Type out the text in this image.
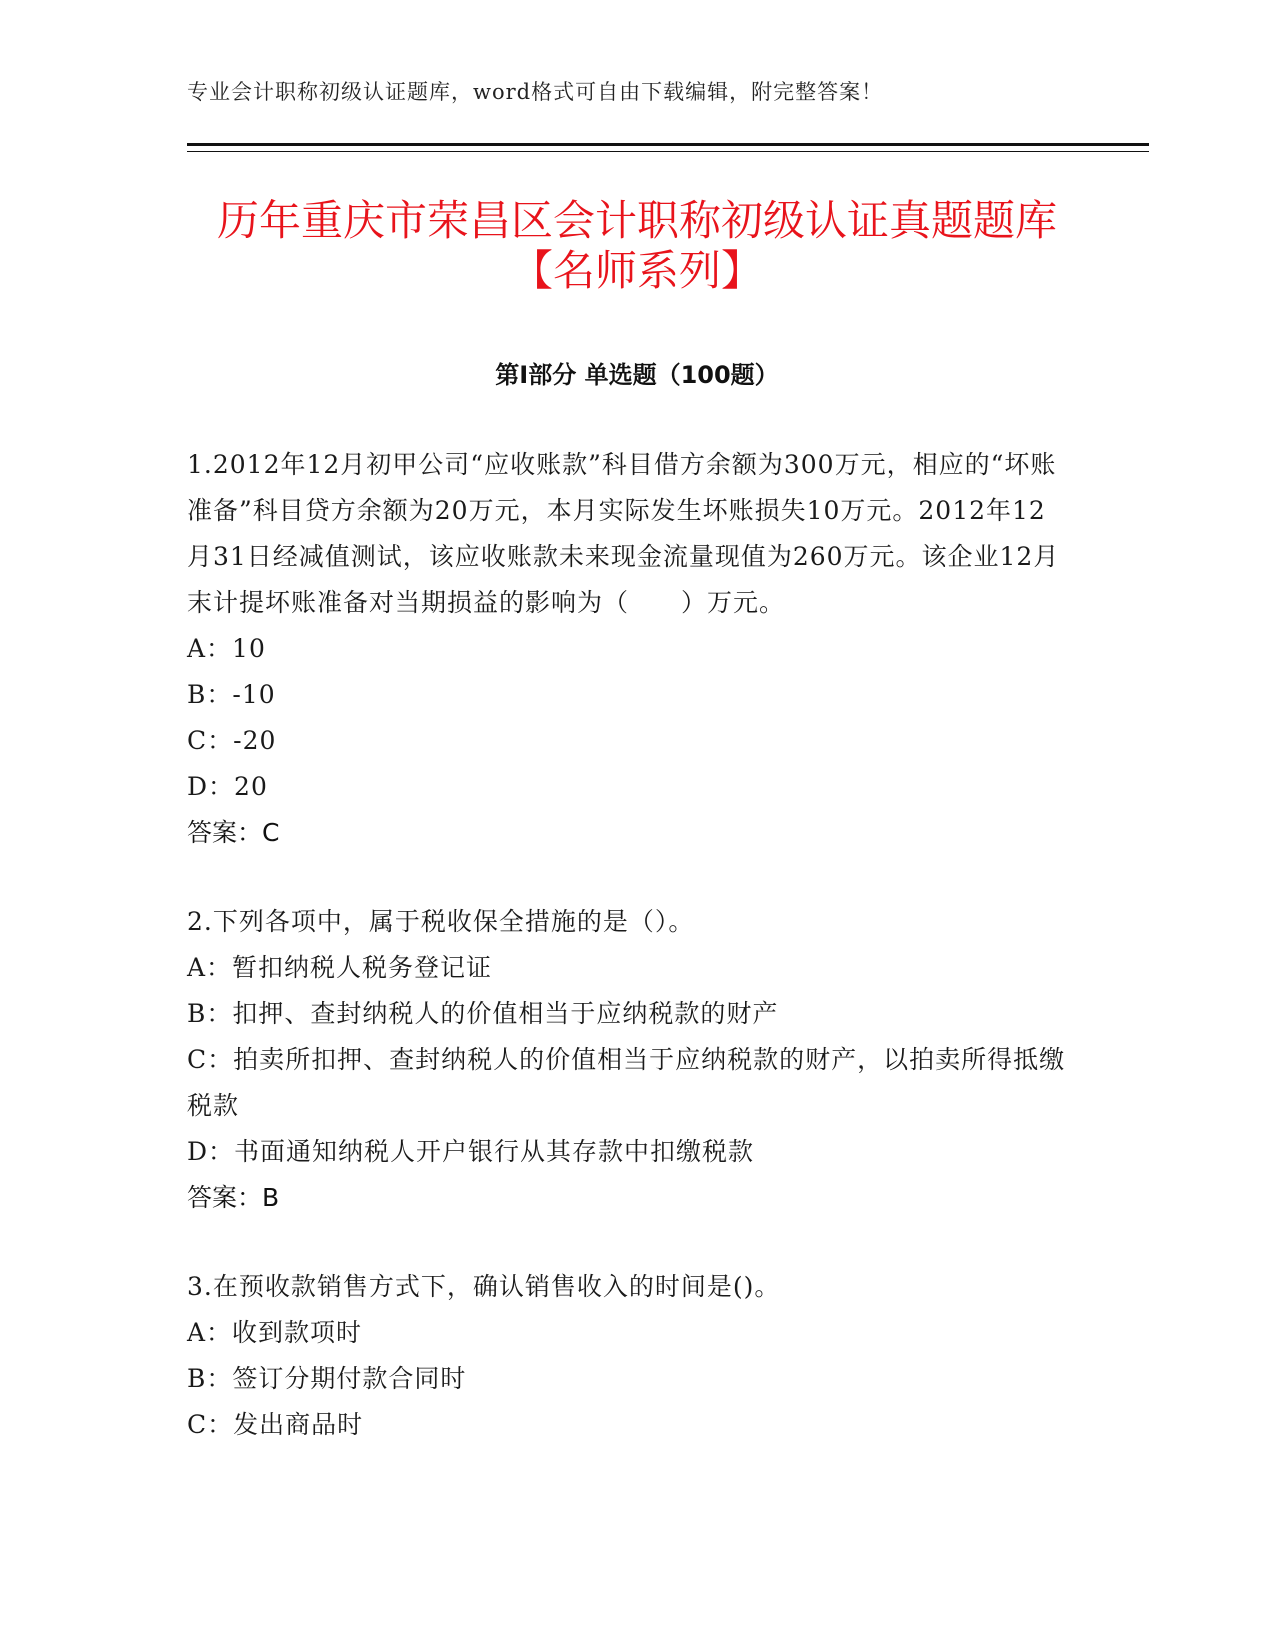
专业会计职称初级认证题库，word格式可自由下载编辑，附完整答案！
历年重庆市荣昌区会计职称初级认证真题题库【名师系列】
第Ⅰ部分 单选题（100题）

1.2012年12月初甲公司“应收账款”科目借方余额为300万元，相应的“坏账准备”科目贷方余额为20万元，本月实际发生坏账损失10万元。2012年12月31日经减值测试，该应收账款未来现金流量现值为260万元。该企业12月末计提坏账准备对当期损益的影响为（　　）万元。

A：10

B：-10

C：-20

D：20

答案：C

2.下列各项中，属于税收保全措施的是（）。

A：暂扣纳税人税务登记证

B：扣押、查封纳税人的价值相当于应纳税款的财产

C：拍卖所扣押、查封纳税人的价值相当于应纳税款的财产，以拍卖所得抵缴税款

D：书面通知纳税人开户银行从其存款中扣缴税款

答案：B

3.在预收款销售方式下，确认销售收入的时间是()。

A：收到款项时

B：签订分期付款合同时

C：发出商品时
